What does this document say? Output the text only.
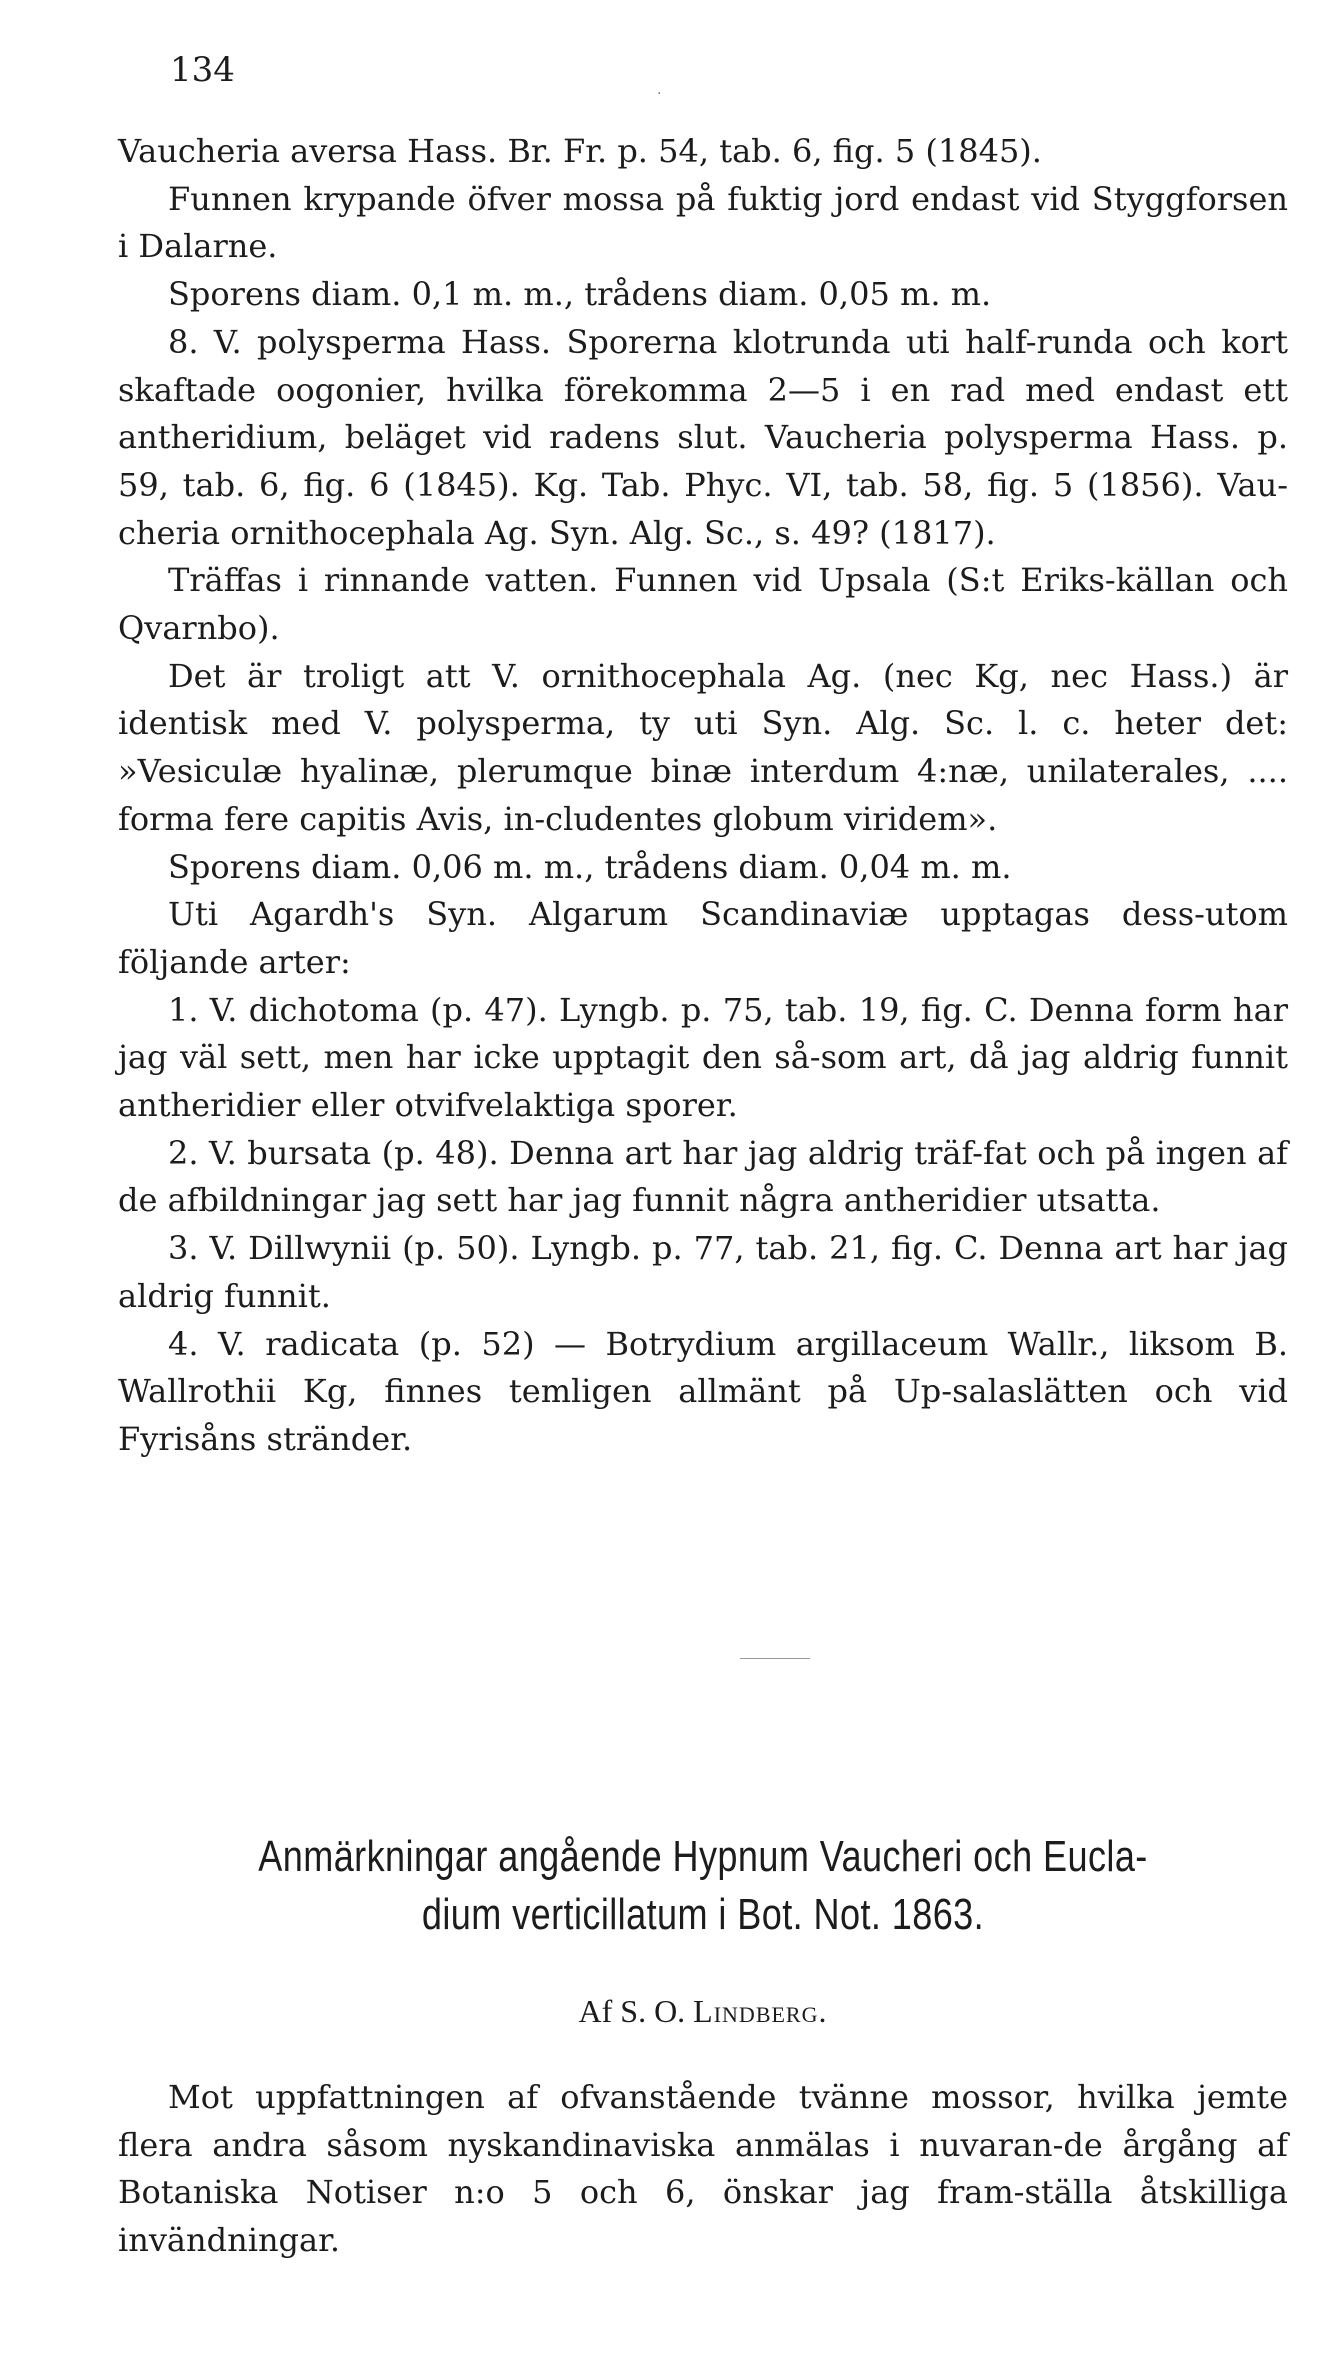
134
·

Vaucheria aversa Hass. Br. Fr. p. 54, tab. 6, fig. 5 (1845).

Funnen krypande öfver mossa på fuktig jord endast vid Styggforsen i Dalarne.

Sporens diam. 0,1 m. m., trådens diam. 0,05 m. m.

8. V. polysperma Hass. Sporerna klotrunda uti half-runda och kort skaftade oogonier, hvilka förekomma 2—5 i en rad med endast ett antheridium, beläget vid radens slut. Vaucheria polysperma Hass. p. 59, tab. 6, fig. 6 (1845). Kg. Tab. Phyc. VI, tab. 58, fig. 5 (1856). Vau-cheria ornithocephala Ag. Syn. Alg. Sc., s. 49? (1817).

Träffas i rinnande vatten. Funnen vid Upsala (S:t Eriks-källan och Qvarnbo).

Det är troligt att V. ornithocephala Ag. (nec Kg, nec Hass.) är identisk med V. polysperma, ty uti Syn. Alg. Sc. l. c. heter det: »Vesiculæ hyalinæ, plerumque binæ interdum 4:næ, unilaterales, .... forma fere capitis Avis, in-cludentes globum viridem».

Sporens diam. 0,06 m. m., trådens diam. 0,04 m. m.

Uti Agardh's Syn. Algarum Scandinaviæ upptagas dess-utom följande arter:

1. V. dichotoma (p. 47). Lyngb. p. 75, tab. 19, fig. C. Denna form har jag väl sett, men har icke upptagit den så-som art, då jag aldrig funnit antheridier eller otvifvelaktiga sporer.

2. V. bursata (p. 48). Denna art har jag aldrig träf-fat och på ingen af de afbildningar jag sett har jag funnit några antheridier utsatta.

3. V. Dillwynii (p. 50). Lyngb. p. 77, tab. 21, fig. C. Denna art har jag aldrig funnit.

4. V. radicata (p. 52) — Botrydium argillaceum Wallr., liksom B. Wallrothii Kg, finnes temligen allmänt på Up-salaslätten och vid Fyrisåns stränder.

Anmärkningar angående Hypnum Vaucheri och Eucla-
dium verticillatum i Bot. Not. 1863.
Af S. O. Lindberg.

Mot uppfattningen af ofvanstående tvänne mossor, hvilka jemte flera andra såsom nyskandinaviska anmälas i nuvaran-de årgång af Botaniska Notiser n:o 5 och 6, önskar jag fram-ställa åtskilliga invändningar.
